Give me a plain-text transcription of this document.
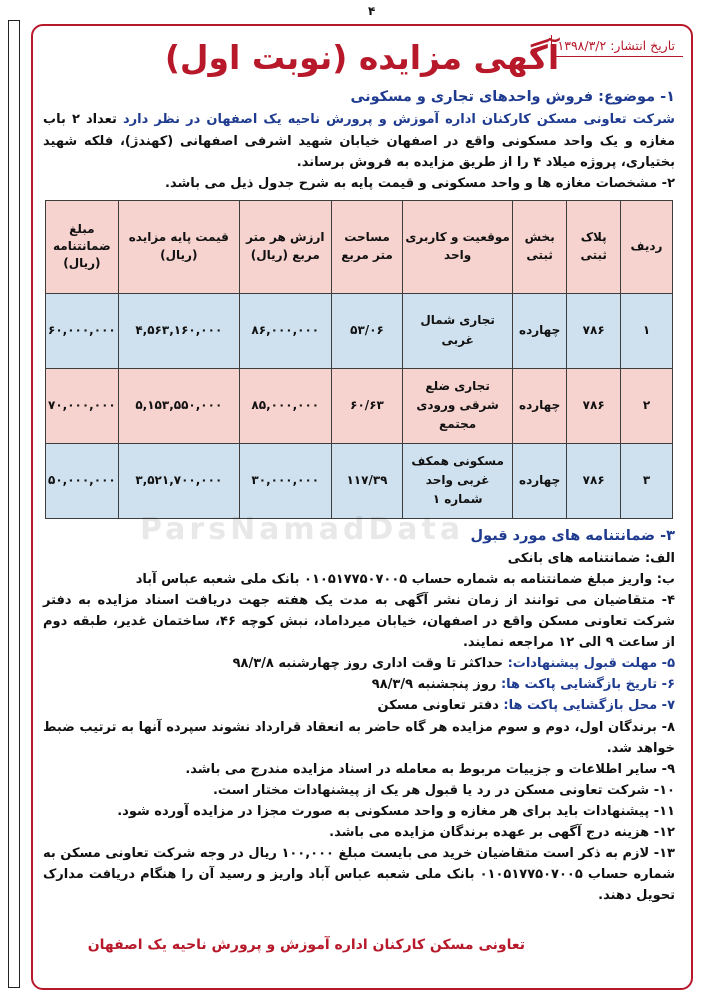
۴
تاریخ انتشار: ۱۳۹۸/۳/۲
آگهی مزایده (نوبت اول)

۱- موضوع: فروش واحدهای تجاری و مسکونی

شرکت تعاونی مسکن کارکنان اداره آموزش و پرورش ناحیه یک اصفهان در نظر دارد تعداد ۲ باب مغازه و یک واحد مسکونی واقع در اصفهان خیابان شهید اشرفی اصفهانی (کهندژ)، فلکه شهید بختیاری، پروژه میلاد ۴ را از طریق مزایده به فروش برساند.

۲- مشخصات مغازه ها و واحد مسکونی و قیمت پایه به شرح جدول ذیل می باشد.

ردیف	پلاک ثبتی	بخش ثبتی	موقعیت و کاربری واحد	مساحت متر مربع	ارزش هر متر مربع (ریال)	قیمت پایه مزایده (ریال)	مبلغ ضمانتنامه (ریال)
۱	۷۸۶	چهارده	تجاری شمال غربی	۵۳/۰۶	۸۶,۰۰۰,۰۰۰	۴,۵۶۳,۱۶۰,۰۰۰	۶۰,۰۰۰,۰۰۰
۲	۷۸۶	چهارده	تجاری ضلع شرقی ورودی مجتمع	۶۰/۶۳	۸۵,۰۰۰,۰۰۰	۵,۱۵۳,۵۵۰,۰۰۰	۷۰,۰۰۰,۰۰۰
۳	۷۸۶	چهارده	مسکونی همکف غربی واحد شماره ۱	۱۱۷/۳۹	۳۰,۰۰۰,۰۰۰	۳,۵۲۱,۷۰۰,۰۰۰	۵۰,۰۰۰,۰۰۰

۳- ضمانتنامه های مورد قبول

الف: ضمانتنامه های بانکی

ب: واریز مبلغ ضمانتنامه به شماره حساب ۰۱۰۵۱۷۷۵۰۷۰۰۵ بانک ملی شعبه عباس آباد

۴- متقاضیان می توانند از زمان نشر آگهی به مدت یک هفته جهت دریافت اسناد مزایده به دفتر شرکت تعاونی مسکن واقع در اصفهان، خیابان میرداماد، نبش کوچه ۴۶، ساختمان غدیر، طبقه دوم از ساعت ۹ الی ۱۲ مراجعه نمایند.

۵- مهلت قبول پیشنهادات: حداکثر تا وقت اداری روز چهارشنبه ۹۸/۳/۸

۶- تاریخ بازگشایی پاکت ها: روز پنجشنبه ۹۸/۳/۹

۷- محل بازگشایی پاکت ها: دفتر تعاونی مسکن

۸- برندگان اول، دوم و سوم مزایده هر گاه حاضر به انعقاد قرارداد نشوند سپرده آنها به ترتیب ضبط خواهد شد.

۹- سایر اطلاعات و جزییات مربوط به معامله در اسناد مزایده مندرج می باشد.

۱۰- شرکت تعاونی مسکن در رد یا قبول هر یک از پیشنهادات مختار است.

۱۱- پیشنهادات باید برای هر مغازه و واحد مسکونی به صورت مجزا در مزایده آورده شود.

۱۲- هزینه درج آگهی بر عهده برندگان مزایده می باشد.

۱۳- لازم به ذکر است متقاضیان خرید می بایست مبلغ ۱۰۰,۰۰۰ ریال در وجه شرکت تعاونی مسکن به شماره حساب ۰۱۰۵۱۷۷۵۰۷۰۰۵ بانک ملی شعبه عباس آباد واریز و رسید آن را هنگام دریافت مدارک تحویل دهند.

ParsNamadData
تعاونی مسکن کارکنان اداره آموزش و پرورش ناحیه یک اصفهان
